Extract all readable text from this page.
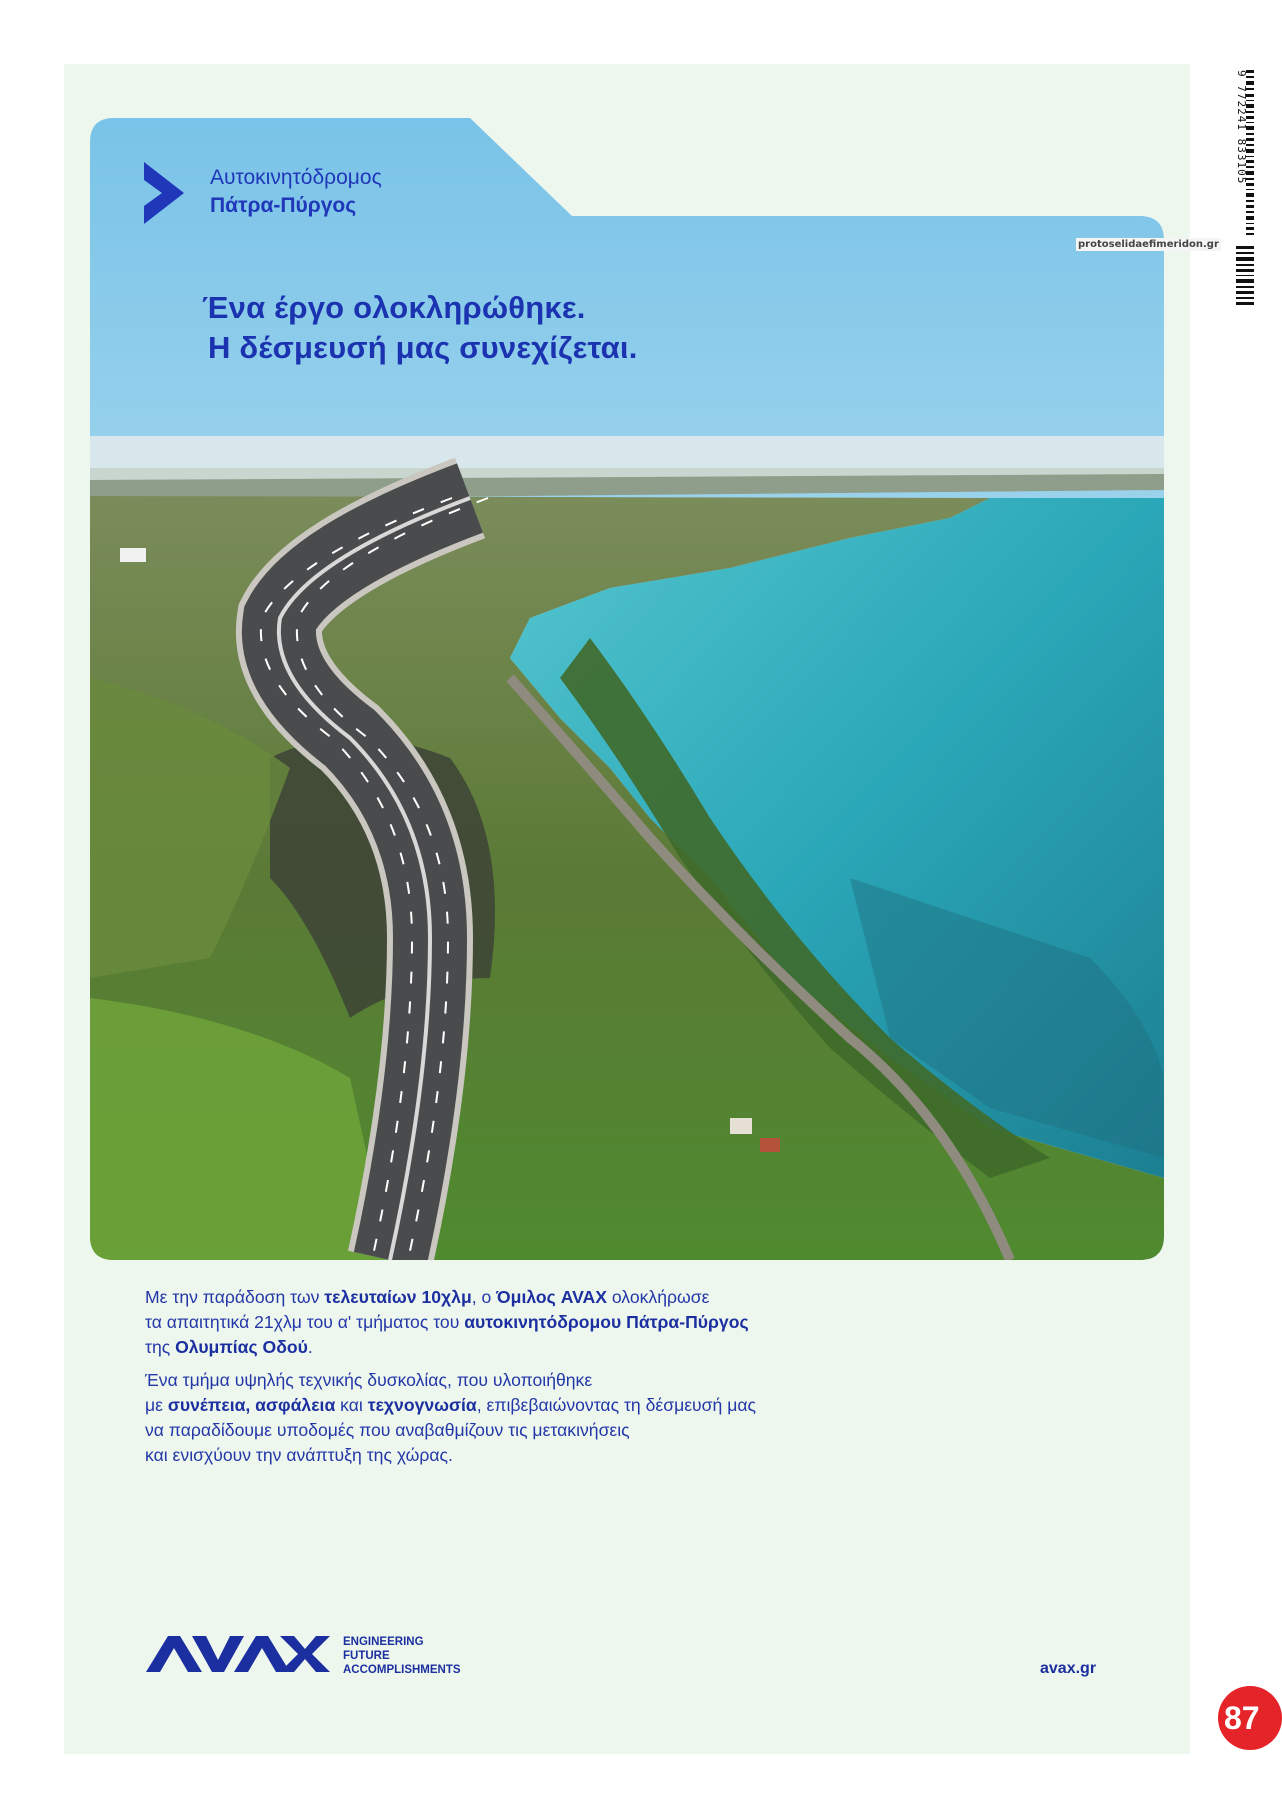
Αυτοκινητόδρομος
Πάτρα-Πύργος
Ένα έργο ολοκληρώθηκε.
Η δέσμευσή μας συνεχίζεται.

Με την παράδοση των τελευταίων 10χλμ, ο Όμιλος AVAX ολοκλήρωσε
τα απαιτητικά 21χλμ του α' τμήματος του αυτοκινητόδρομου Πάτρα-Πύργος
της Ολυμπίας Οδού.

Ένα τμήμα υψηλής τεχνικής δυσκολίας, που υλοποιήθηκε
με συνέπεια, ασφάλεια και τεχνογνωσία, επιβεβαιώνοντας τη δέσμευσή μας
να παραδίδουμε υποδομές που αναβαθμίζουν τις μετακινήσεις
και ενισχύουν την ανάπτυξη της χώρας.

ENGINEERING
FUTURE
ACCOMPLISHMENTS	avax.gr
9 772241 833105
protoselidaefimeridon.gr
87
